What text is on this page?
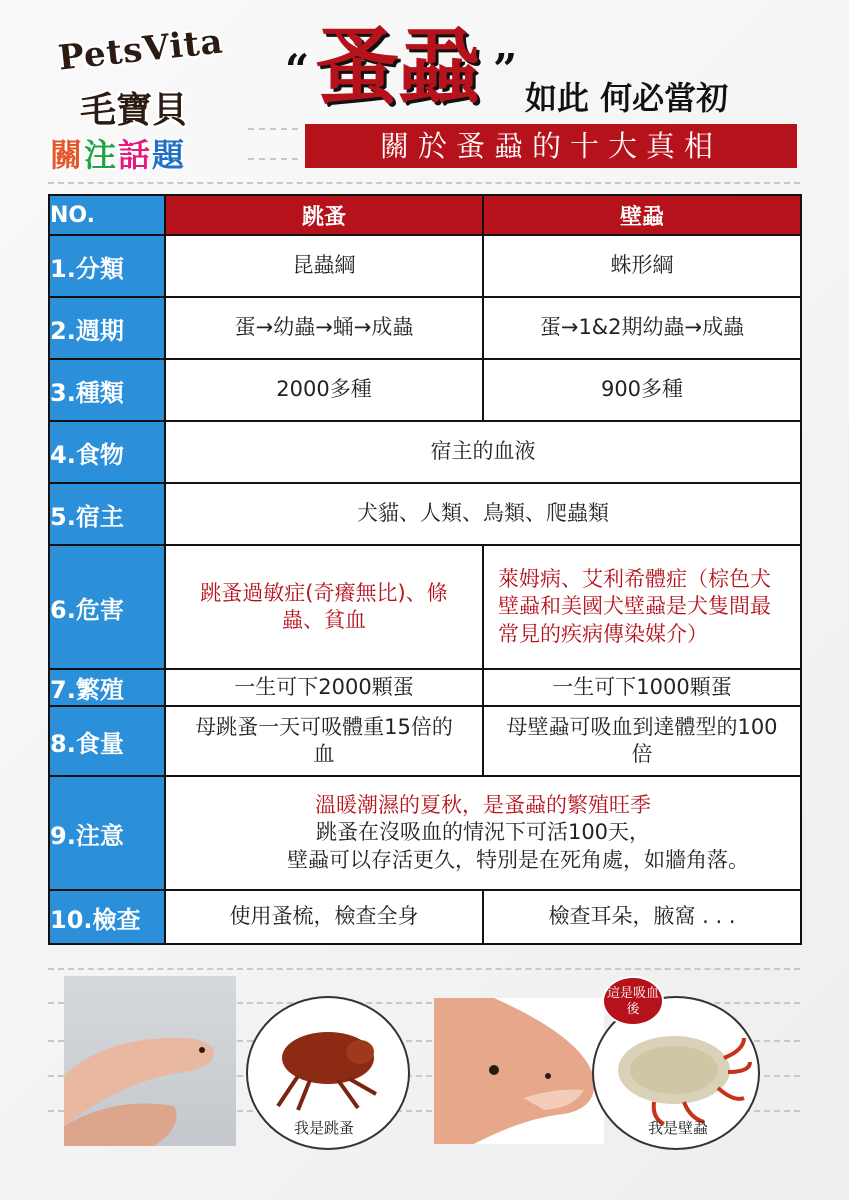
PetsVita
毛寶貝
關注話題
“ 蚤蝨 ”
如此 何必當初
關於蚤蝨的十大真相
NO.	跳蚤	壁蝨
1.分類	昆蟲綱	蛛形綱
2.週期	蛋→幼蟲→蛹→成蟲	蛋→1&2期幼蟲→成蟲
3.種類	2000多種	900多種
4.食物	宿主的血液	
5.宿主	犬貓、人類、鳥類、爬蟲類	
6.危害	跳蚤過敏症(奇癢無比)、條蟲、貧血	萊姆病、艾利希體症（棕色犬壁蝨和美國犬壁蝨是犬隻間最常見的疾病傳染媒介）
7.繁殖	一生可下2000顆蛋	一生可下1000顆蛋
8.食量	母跳蚤一天可吸體重15倍的血	母壁蝨可吸血到達體型的100倍
9.注意	溫暖潮濕的夏秋，是蚤蝨的繁殖旺季
跳蚤在沒吸血的情況下可活100天，
壁蝨可以存活更久，特別是在死角處，如牆角落。	

10.檢查	使用蚤梳，檢查全身	檢查耳朵，腋窩 . . .
我是跳蚤
這是吸血後
我是壁蝨
